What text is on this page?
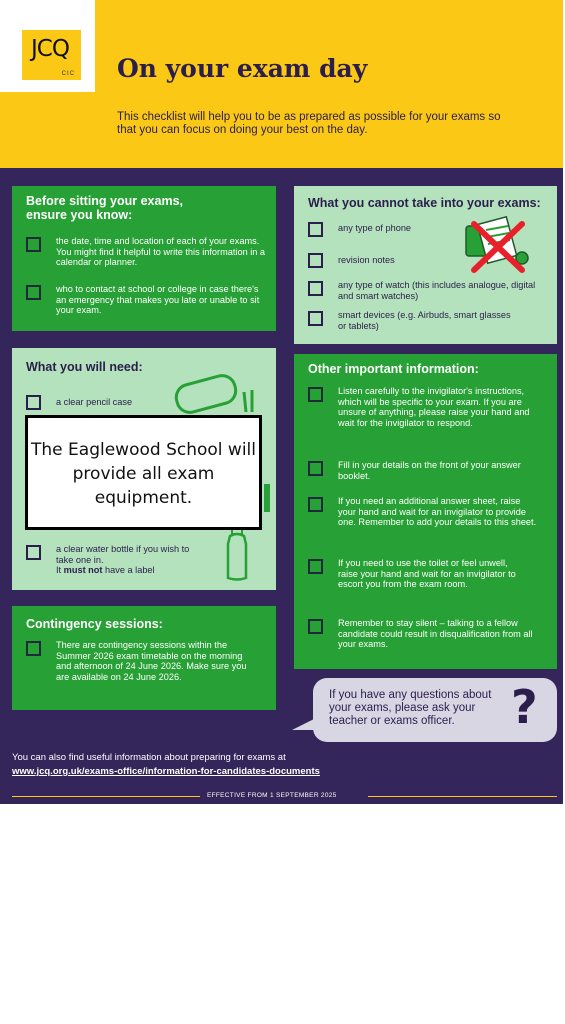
JCQ
CIC On your exam day

This checklist will help you to be as prepared as possible for your exams so that you can focus on doing your best on the day.

Before sitting your exams, ensure you know:

the date, time and location of each of your exams. You might find it helpful to write this information in a calendar or planner.
who to contact at school or college in case there's an emergency that makes you late or unable to sit your exam.

What you cannot take into your exams:

any type of phone
revision notes
any type of watch (this includes analogue, digital and smart watches)
smart devices (e.g. Airbuds, smart glasses or tablets)

What you will need:

a clear pencil case
a clear water bottle if you wish to take one in.
It must not have a label

Contingency sessions:

There are contingency sessions within the Summer 2026 exam timetable on the morning and afternoon of 24 June 2026. Make sure you are available on 24 June 2026.

Other important information:

Listen carefully to the invigilator's instructions, which will be specific to your exam. If you are unsure of anything, please raise your hand and wait for the invigilator to respond.
Fill in your details on the front of your answer booklet.
If you need an additional answer sheet, raise your hand and wait for an invigilator to provide one. Remember to add your details to this sheet.
If you need to use the toilet or feel unwell, raise your hand and wait for an invigilator to escort you from the exam room.
Remember to stay silent – talking to a fellow candidate could result in disqualification from all your exams.
If you have any questions about your exams, please ask your teacher or exams officer.	?
You can also find useful information about preparing for exams at
www.jcq.org.uk/exams-office/information-for-candidates-documents
EFFECTIVE FROM 1 SEPTEMBER 2025
The Eaglewood School will provide all exam equipment.
